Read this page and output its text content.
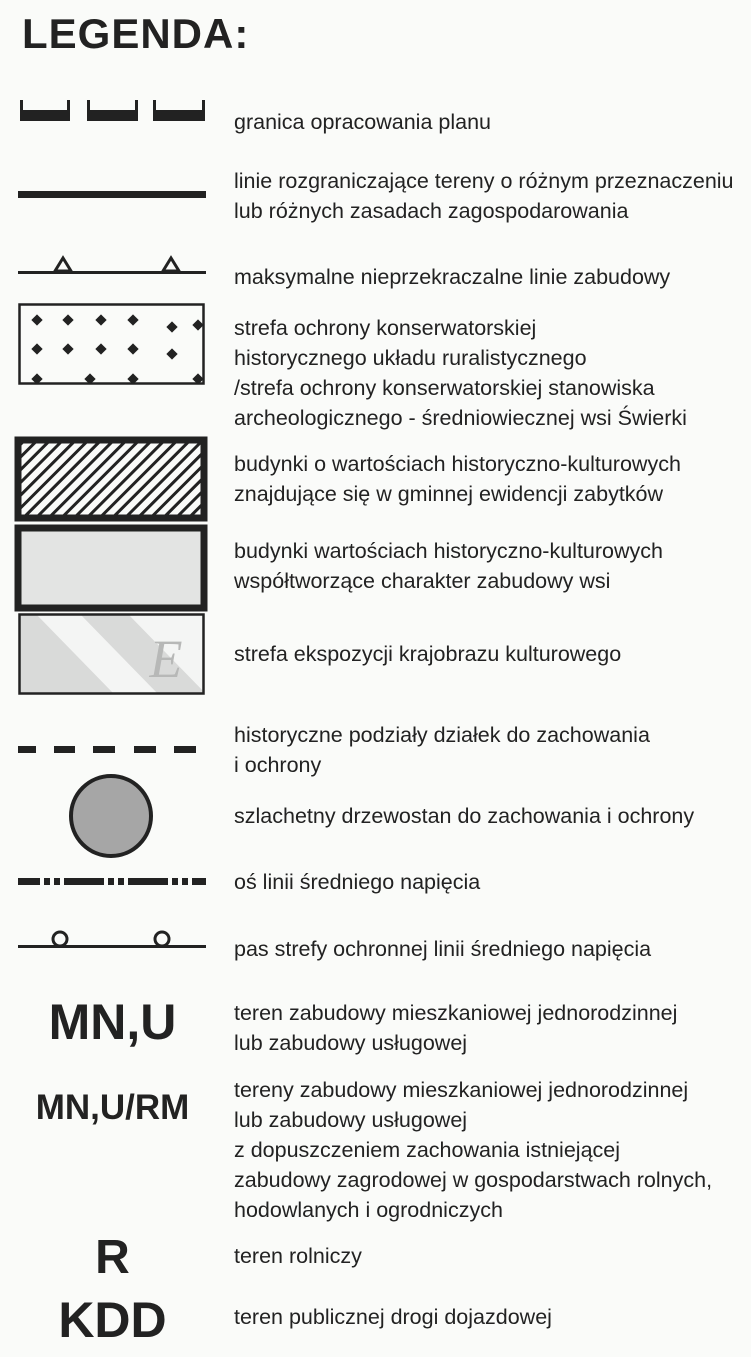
LEGENDA:
granica opracowania planu
linie rozgraniczające tereny o różnym przeznaczeniu
lub różnych zasadach zagospodarowania
maksymalne nieprzekraczalne linie zabudowy
strefa ochrony konserwatorskiej
historycznego układu ruralistycznego
/strefa ochrony konserwatorskiej stanowiska
archeologicznego - średniowiecznej wsi Świerki
budynki o wartościach historyczno-kulturowych
znajdujące się w gminnej ewidencji zabytków
budynki wartościach historyczno-kulturowych
współtworzące charakter zabudowy wsi
E strefa ekspozycji krajobrazu kulturowego
historyczne podziały działek do zachowania
i ochrony
szlachetny drzewostan do zachowania i ochrony
oś linii średniego napięcia
pas strefy ochronnej linii średniego napięcia
MN,U	teren zabudowy mieszkaniowej jednorodzinnej
lub zabudowy usługowej
MN,U/RM	tereny zabudowy mieszkaniowej jednorodzinnej
lub zabudowy usługowej
z dopuszczeniem zachowania istniejącej
zabudowy zagrodowej w gospodarstwach rolnych,
hodowlanych i ogrodniczych
R	teren rolniczy
KDD	teren publicznej drogi dojazdowej
